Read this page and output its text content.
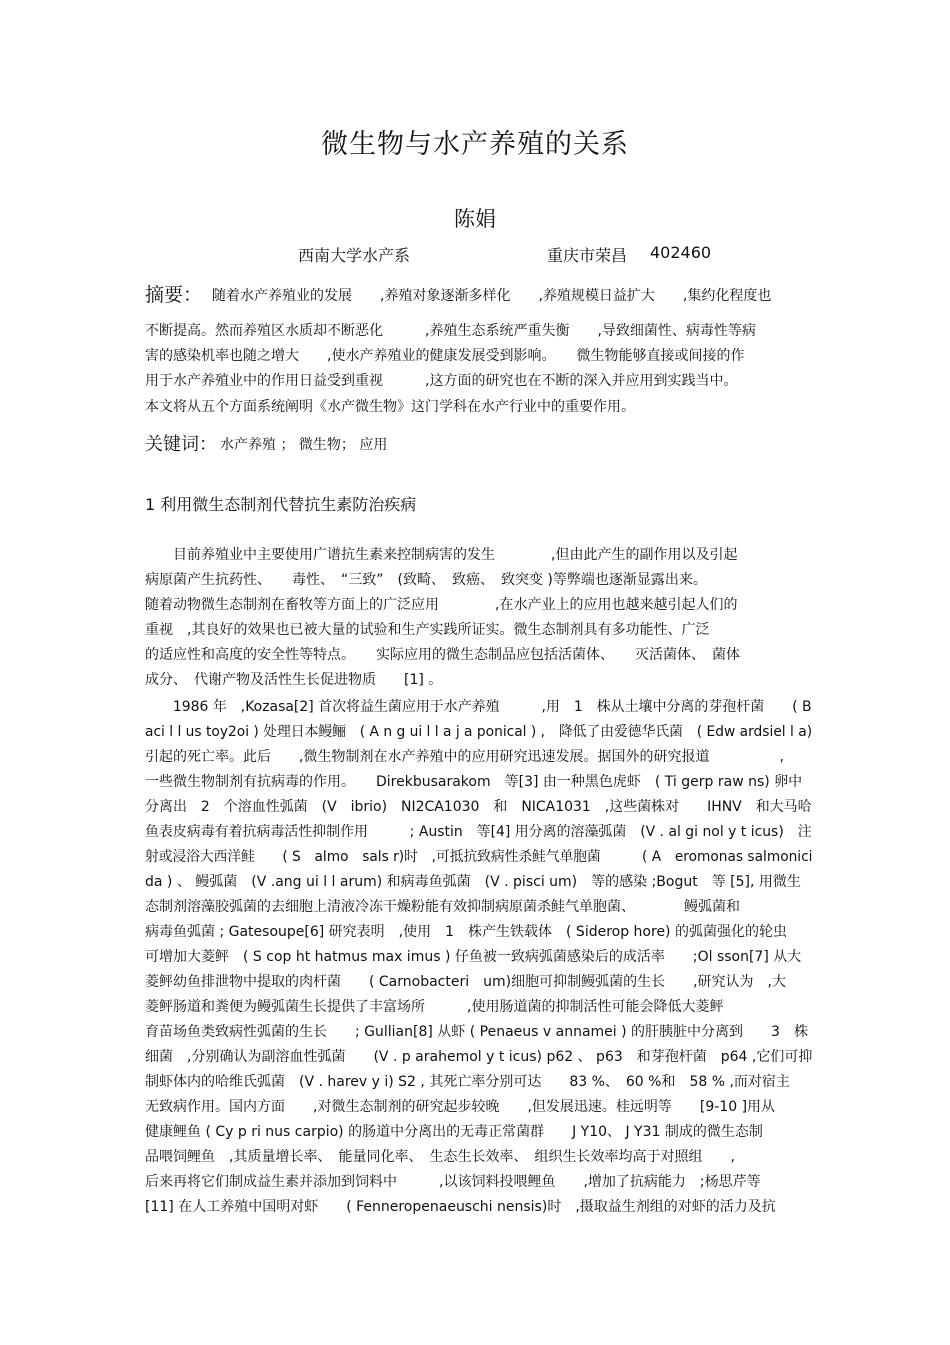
微生物与水产养殖的关系
陈娟
西南大学水产系	重庆市荣昌 402460
摘要： 随着水产养殖业的发展　　,养殖对象逐渐多样化　　,养殖规模日益扩大　　,集约化程度也
不断提高。然而养殖区水质却不断恶化　　　,养殖生态系统严重失衡　　,导致细菌性、病毒性等病
害的感染机率也随之增大　　,使水产养殖业的健康发展受到影响。　　微生物能够直接或间接的作
用于水产养殖业中的作用日益受到重视　　　,这方面的研究也在不断的深入并应用到实践当中。
本文将从五个方面系统阐明《水产微生物》这门学科在水产行业中的重要作用。
关键词： 水产养殖 ； 微生物； 应用
1 利用微生态制剂代替抗生素防治疾病
　　目前养殖业中主要使用广谱抗生素来控制病害的发生　　　　,但由此产生的副作用以及引起
病原菌产生抗药性、　　毒性、　“三致”　(致畸、　致癌、　致突变 )等弊端也逐渐显露出来。
随着动物微生态制剂在畜牧等方面上的广泛应用　　　　,在水产业上的应用也越来越引起人们的
重视　,其良好的效果也已被大量的试验和生产实践所证实。微生态制剂具有多功能性、广泛
的适应性和高度的安全性等特点。　　实际应用的微生态制品应包括活菌体、　　灭活菌体、　菌体
成分、　代谢产物及活性生长促进物质　　[1] 。
　　1986 年　,Kozasa[2] 首次将益生菌应用于水产养殖　　　,用　1　株从土壤中分离的芽孢杆菌　　( B
aci l l us toy2oi ) 处理日本鳗鲡　( A n g ui l l a j a ponical ) ,　降低了由爱德华氏菌　( Edw ardsiel l a)
引起的死亡率。此后　　,微生物制剂在水产养殖中的应用研究迅速发展。据国外的研究报道　　　　　,
一些微生物制剂有抗病毒的作用。　　Direkbusarakom　等[3] 由一种黑色虎虾　( Ti gerp raw ns) 卵中
分离出　2　个溶血性弧菌　(V　ibrio)　NI2CA1030　和　NICA1031　,这些菌株对　　IHNV　和大马哈
鱼表皮病毒有着抗病毒活性抑制作用　　　; Austin　等[4] 用分离的溶藻弧菌　(V . al gi nol y t icus)　注
射或浸浴大西洋鲑　　( S　almo　sals r)时　,可抵抗致病性杀鲑气单胞菌　　　( A　eromonas salmonici
da ) 、 鳗弧菌　(V .ang ui l l arum) 和病毒鱼弧菌　(V . pisci um)　等的感染 ;Bogut　等 [5], 用微生
态制剂溶藻胶弧菌的去细胞上清液冷冻干燥粉能有效抑制病原菌杀鲑气单胞菌、　　　　鳗弧菌和
病毒鱼弧菌 ; Gatesoupe[6] 研究表明　,使用　1　株产生铁载体　( Siderop hore) 的弧菌强化的轮虫
可增加大菱鲆　( S cop ht hatmus max imus ) 仔鱼被一致病弧菌感染后的成活率　　;Ol sson[7] 从大
菱鲆幼鱼排泄物中提取的肉杆菌　　( Carnobacteri　um)细胞可抑制鳗弧菌的生长　　,研究认为　,大
菱鲆肠道和粪便为鳗弧菌生长提供了丰富场所　　　,使用肠道菌的抑制活性可能会降低大菱鲆
育苗场鱼类致病性弧菌的生长　　; Gullian[8] 从虾 ( Penaeus v annamei ) 的肝胰脏中分离到　　3　株
细菌　,分别确认为副溶血性弧菌　　(V . p arahemol y t icus) p62 、 p63　和芽孢杆菌　p64 ,它们可抑
制虾体内的哈维氏弧菌　(V . harev y i) S2 , 其死亡率分别可达　　83 %、　60 %和　58 % ,而对宿主
无致病作用。国内方面　　,对微生态制剂的研究起步较晚　　,但发展迅速。桂远明等　　[9-10 ]用从
健康鲤鱼 ( Cy p ri nus carpio) 的肠道中分离出的无毒正常菌群　　J Y10、 J Y31 制成的微生态制
品喂饲鲤鱼　,其质量增长率、　能量同化率、　生态生长效率、　组织生长效率均高于对照组　　,
后来再将它们制成益生素并添加到饲料中　　　,以该饲料投喂鲤鱼　　,增加了抗病能力　;杨思芹等
[11] 在人工养殖中国明对虾　　( Fenneropenaeuschi nensis)时　,摄取益生剂组的对虾的活力及抗
